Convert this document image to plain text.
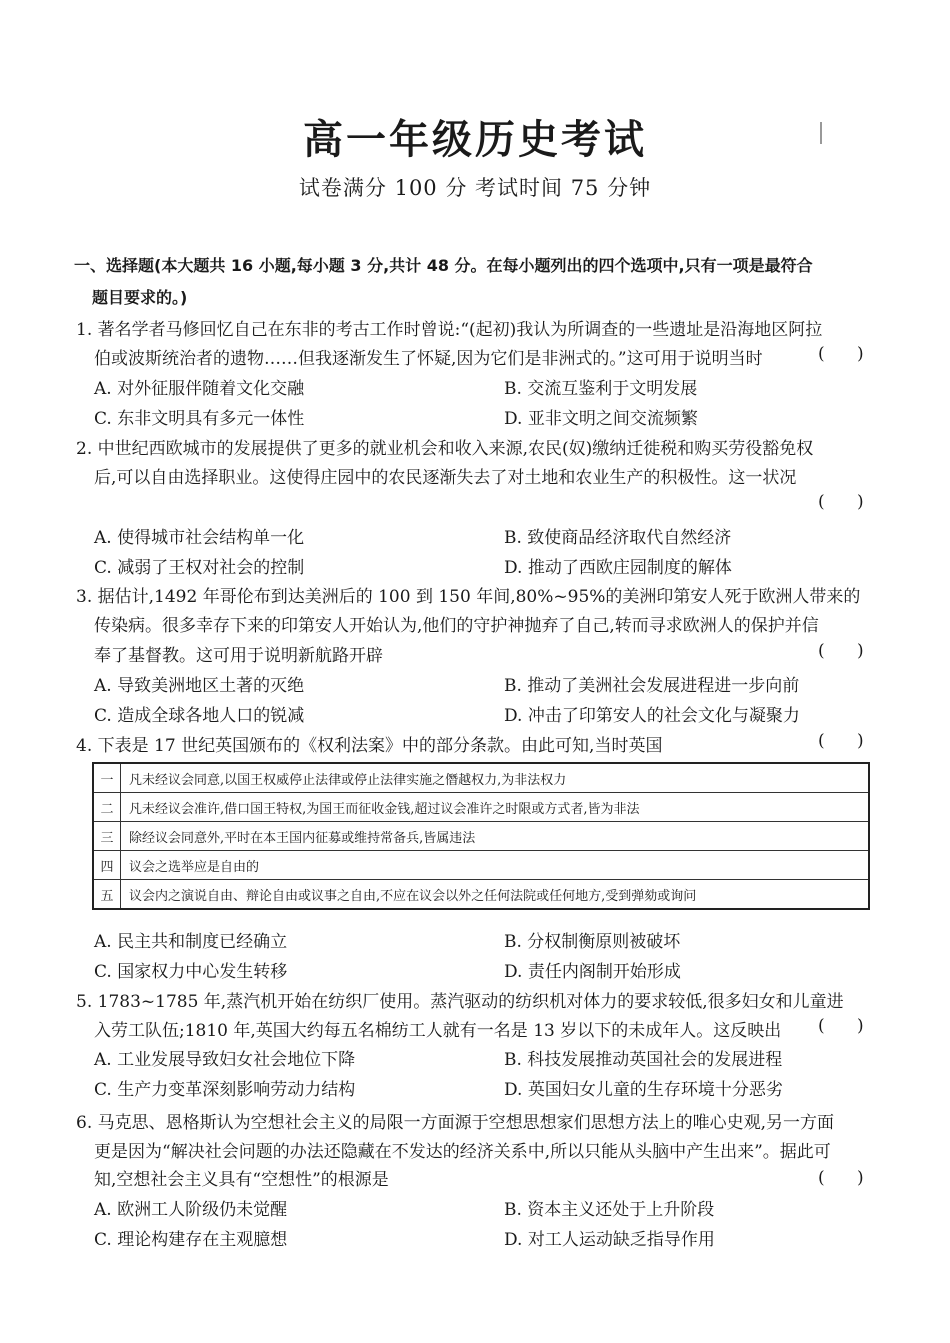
高一年级历史考试
试卷满分 100 分 考试时间 75 分钟
一、选择题(本大题共 16 小题,每小题 3 分,共计 48 分。在每小题列出的四个选项中,只有一项是最符合
题目要求的。)
1. 著名学者马修回忆自己在东非的考古工作时曾说:“(起初)我认为所调查的一些遗址是沿海地区阿拉
伯或波斯统治者的遗物……但我逐渐发生了怀疑,因为它们是非洲式的。”这可用于说明当时	(      )
A. 对外征服伴随着文化交融	B. 交流互鉴利于文明发展
C. 东非文明具有多元一体性	D. 亚非文明之间交流频繁
2. 中世纪西欧城市的发展提供了更多的就业机会和收入来源,农民(奴)缴纳迁徙税和购买劳役豁免权
后,可以自由选择职业。这使得庄园中的农民逐渐失去了对土地和农业生产的积极性。这一状况
(      )
A. 使得城市社会结构单一化	B. 致使商品经济取代自然经济
C. 减弱了王权对社会的控制	D. 推动了西欧庄园制度的解体
3. 据估计,1492 年哥伦布到达美洲后的 100 到 150 年间,80%~95%的美洲印第安人死于欧洲人带来的
传染病。很多幸存下来的印第安人开始认为,他们的守护神抛弃了自己,转而寻求欧洲人的保护并信
奉了基督教。这可用于说明新航路开辟	(      )
A. 导致美洲地区土著的灭绝	B. 推动了美洲社会发展进程进一步向前
C. 造成全球各地人口的锐减	D. 冲击了印第安人的社会文化与凝聚力
4. 下表是 17 世纪英国颁布的《权利法案》中的部分条款。由此可知,当时英国	(      )
一	凡未经议会同意,以国王权威停止法律或停止法律实施之僭越权力,为非法权力
二	凡未经议会准许,借口国王特权,为国王而征收金钱,超过议会准许之时限或方式者,皆为非法
三	除经议会同意外,平时在本王国内征募或维持常备兵,皆属违法
四	议会之选举应是自由的
五	议会内之演说自由、辩论自由或议事之自由,不应在议会以外之任何法院或任何地方,受到弹劾或询问
A. 民主共和制度已经确立	B. 分权制衡原则被破坏
C. 国家权力中心发生转移	D. 责任内阁制开始形成
5. 1783~1785 年,蒸汽机开始在纺织厂使用。蒸汽驱动的纺织机对体力的要求较低,很多妇女和儿童进
入劳工队伍;1810 年,英国大约每五名棉纺工人就有一名是 13 岁以下的未成年人。这反映出 (      )
A. 工业发展导致妇女社会地位下降	B. 科技发展推动英国社会的发展进程
C. 生产力变革深刻影响劳动力结构	D. 英国妇女儿童的生存环境十分恶劣
6. 马克思、恩格斯认为空想社会主义的局限一方面源于空想思想家们思想方法上的唯心史观,另一方面
更是因为“解决社会问题的办法还隐藏在不发达的经济关系中,所以只能从头脑中产生出来”。据此可
知,空想社会主义具有“空想性”的根源是	(      )
A. 欧洲工人阶级仍未觉醒	B. 资本主义还处于上升阶段
C. 理论构建存在主观臆想	D. 对工人运动缺乏指导作用
